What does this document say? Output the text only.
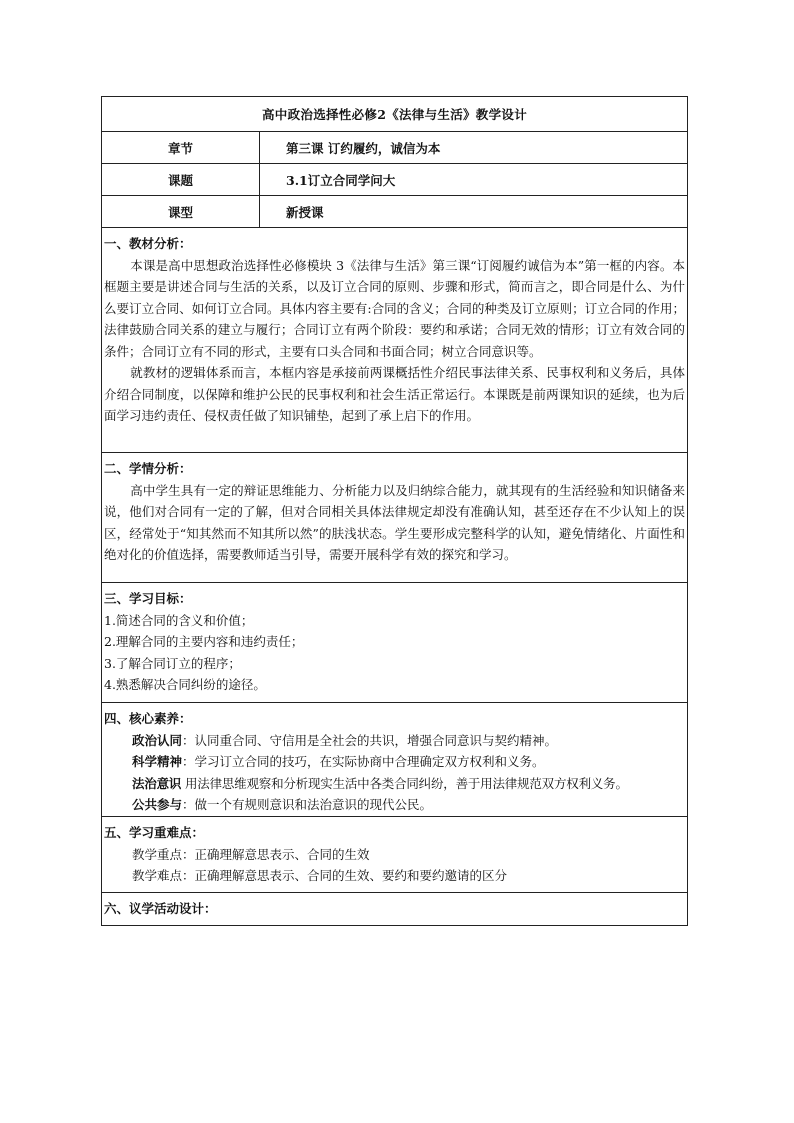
高中政治选择性必修2《法律与生活》教学设计
章节	第三课 订约履约，诚信为本
课题	3.1订立合同学问大
课型	新授课
一、教材分析：

本课是高中思想政治选择性必修模块 3《法律与生活》第三课“订阅履约诚信为本”第一框的内容。本框题主要是讲述合同与生活的关系，以及订立合同的原则、步骤和形式，简而言之，即合同是什么、为什么要订立合同、如何订立合同。具体内容主要有:合同的含义；合同的种类及订立原则；订立合同的作用；法律鼓励合同关系的建立与履行；合同订立有两个阶段：要约和承诺；合同无效的情形；订立有效合同的条件；合同订立有不同的形式，主要有口头合同和书面合同；树立合同意识等。

就教材的逻辑体系而言，本框内容是承接前两课概括性介绍民事法律关系、民事权利和义务后，具体介绍合同制度，以保障和维护公民的民事权利和社会生活正常运行。本课既是前两课知识的延续，也为后面学习违约责任、侵权责任做了知识铺垫，起到了承上启下的作用。

二、学情分析：

高中学生具有一定的辩证思维能力、分析能力以及归纳综合能力，就其现有的生活经验和知识储备来说，他们对合同有一定的了解，但对合同相关具体法律规定却没有准确认知，甚至还存在不少认知上的误区，经常处于“知其然而不知其所以然”的肤浅状态。学生要形成完整科学的认知，避免情绪化、片面性和绝对化的价值选择，需要教师适当引导，需要开展科学有效的探究和学习。

三、学习目标：
1.简述合同的含义和价值；
2.理解合同的主要内容和违约责任；
3.了解合同订立的程序；
4.熟悉解决合同纠纷的途径。
四、核心素养：
政治认同：认同重合同、守信用是全社会的共识，增强合同意识与契约精神。
科学精神：学习订立合同的技巧，在实际协商中合理确定双方权利和义务。
法治意识 用法律思维观察和分析现实生活中各类合同纠纷，善于用法律规范双方权利义务。
公共参与：做一个有规则意识和法治意识的现代公民。
五、学习重难点：
教学重点：正确理解意思表示、合同的生效
教学难点：正确理解意思表示、合同的生效、要约和要约邀请的区分
六、议学活动设计：
